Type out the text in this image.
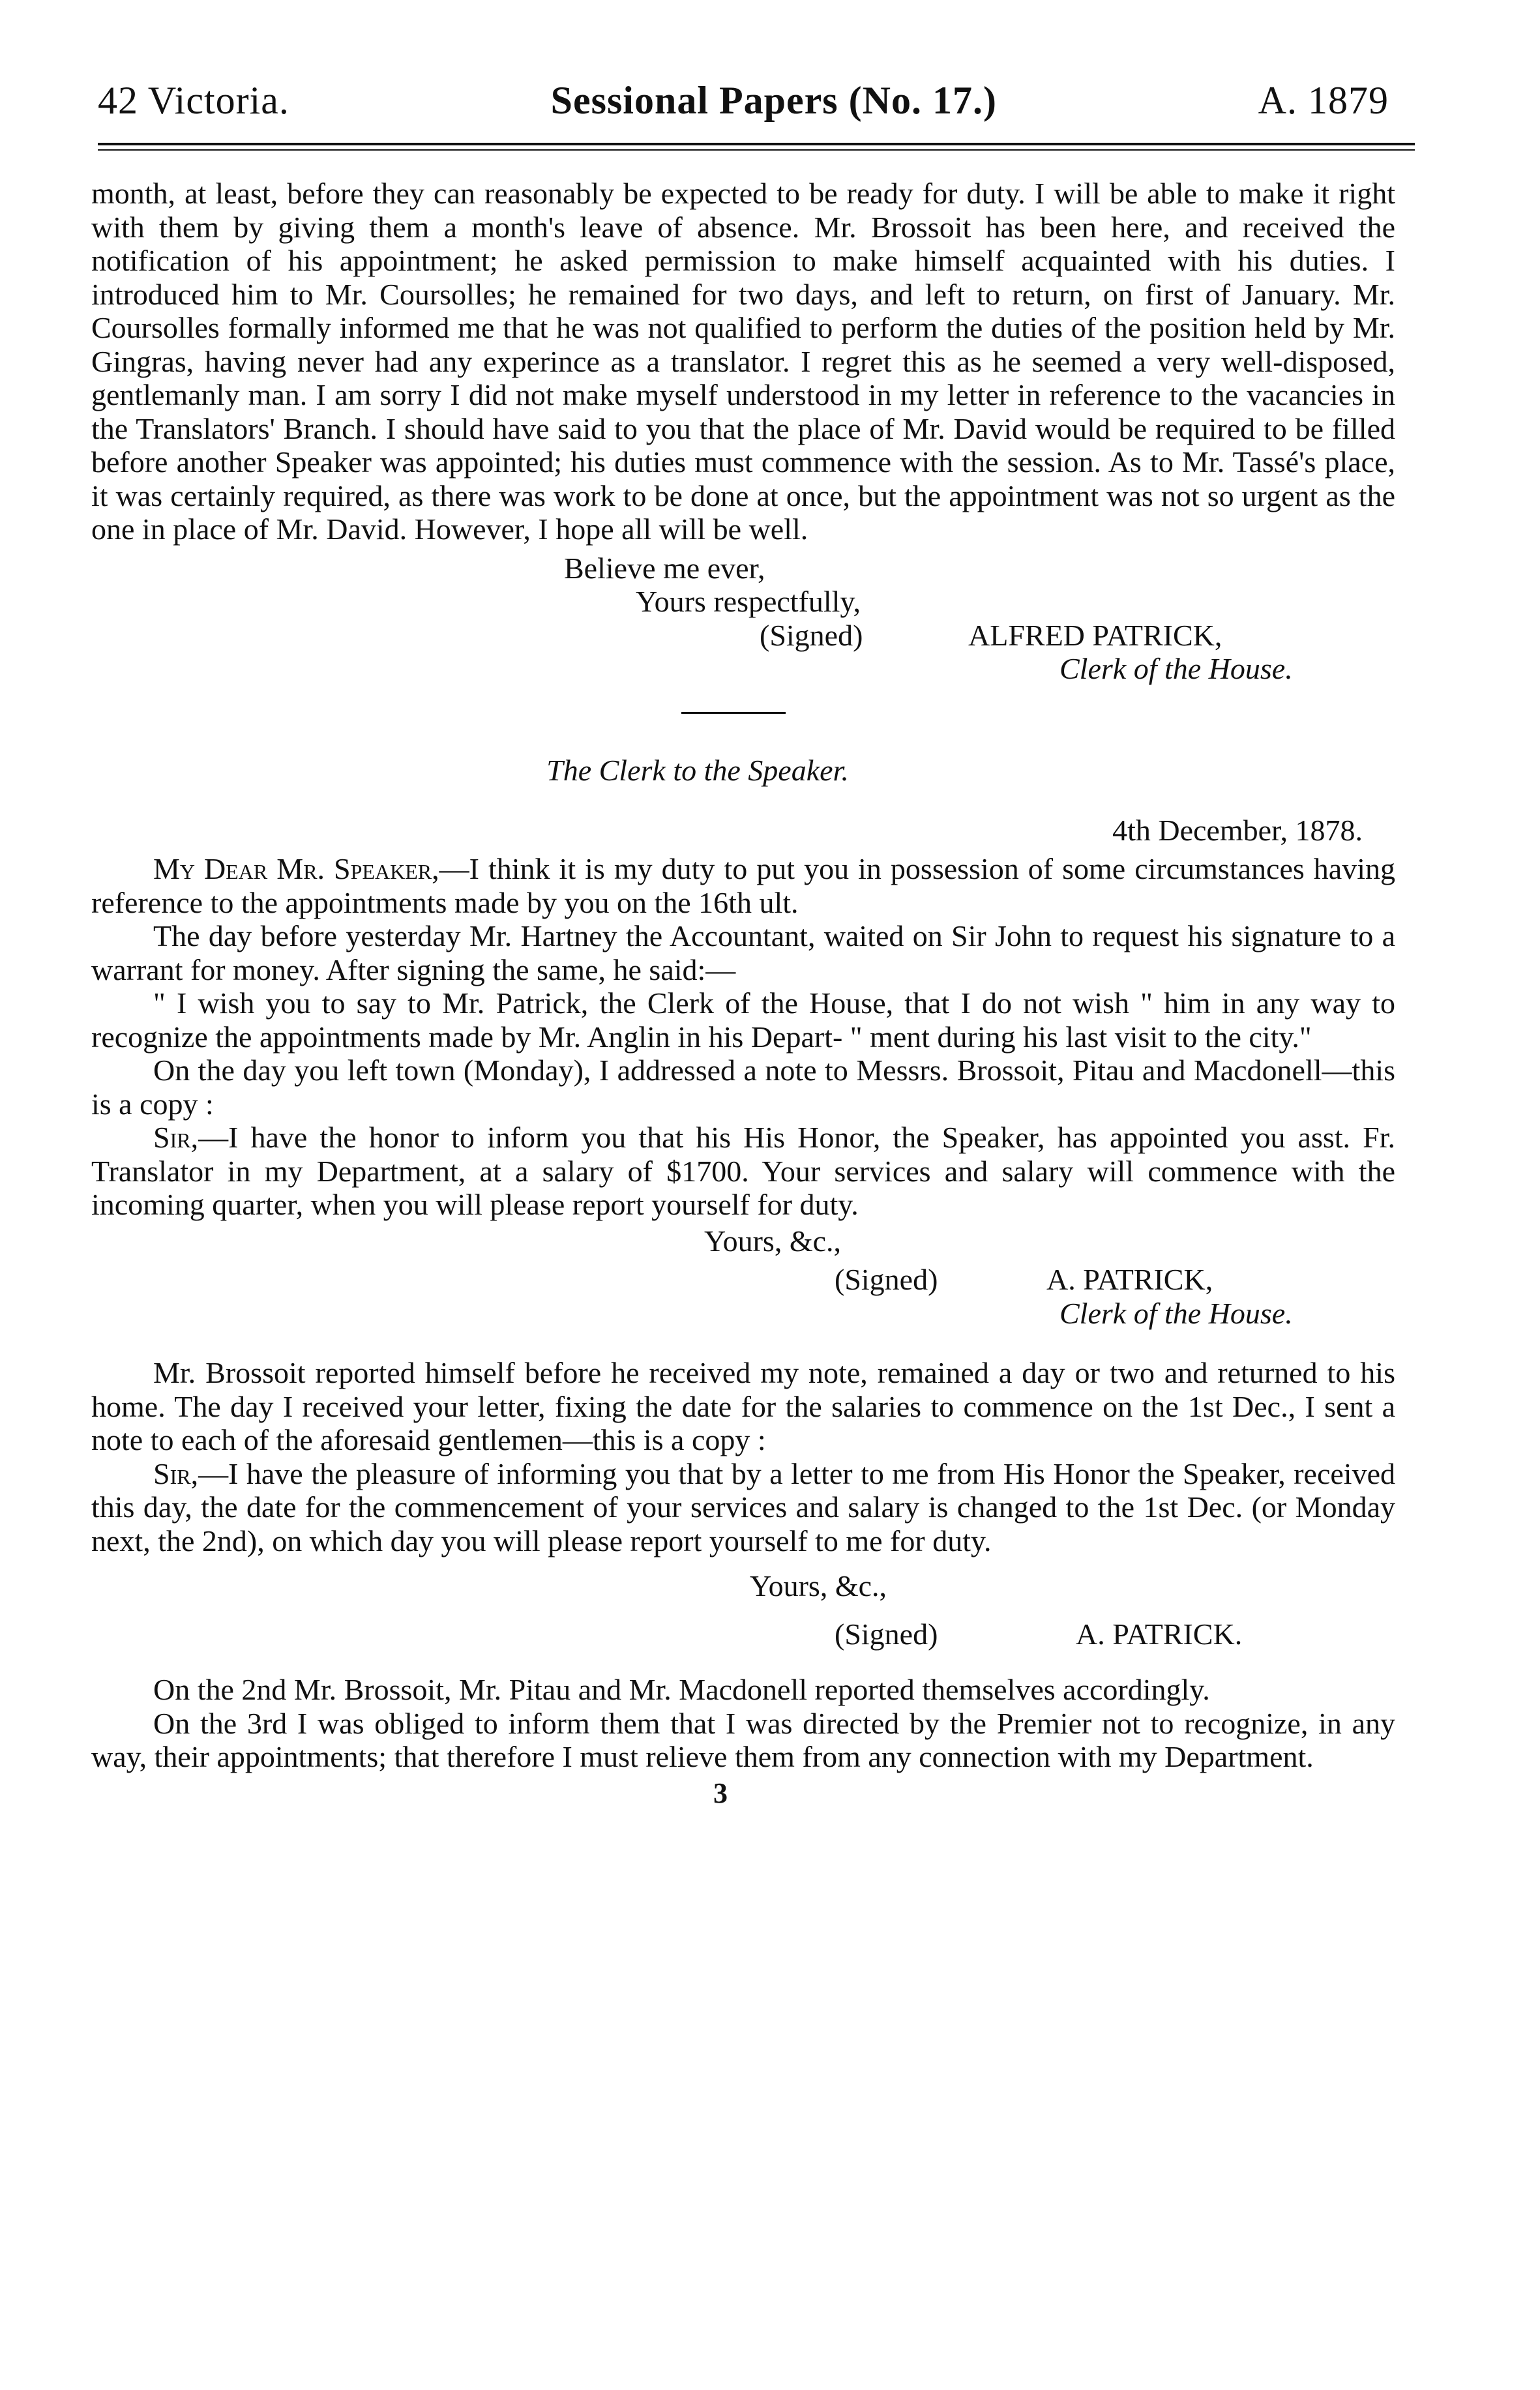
42 Victoria.	Sessional Papers (No. 17.)	A. 1879

month, at least, before they can reasonably be expected to be ready for duty. I will be able to make it right with them by giving them a month's leave of absence. Mr. Brossoit has been here, and received the notification of his appointment; he asked permission to make himself acquainted with his duties. I introduced him to Mr. Coursolles; he remained for two days, and left to return, on first of January. Mr. Coursolles formally informed me that he was not qualified to perform the duties of the position held by Mr. Gingras, having never had any experince as a translator. I regret this as he seemed a very well-disposed, gentlemanly man. I am sorry I did not make myself understood in my letter in reference to the vacancies in the Translators' Branch. I should have said to you that the place of Mr. David would be required to be filled before another Speaker was appointed; his duties must commence with the session. As to Mr. Tassé's place, it was certainly required, as there was work to be done at once, but the appointment was not so urgent as the one in place of Mr. David. However, I hope all will be well.

Believe me ever,
Yours respectfully,
(Signed)	ALFRED PATRICK,
Clerk of the House.
The Clerk to the Speaker.
4th December, 1878.

My Dear Mr. Speaker,—I think it is my duty to put you in possession of some circumstances having reference to the appointments made by you on the 16th ult.

The day before yesterday Mr. Hartney the Accountant, waited on Sir John to request his signature to a warrant for money. After signing the same, he said:—

" I wish you to say to Mr. Patrick, the Clerk of the House, that I do not wish " him in any way to recognize the appointments made by Mr. Anglin in his Depart- " ment during his last visit to the city."

On the day you left town (Monday), I addressed a note to Messrs. Brossoit, Pitau and Macdonell—this is a copy :

Sir,—I have the honor to inform you that his His Honor, the Speaker, has appointed you asst. Fr. Translator in my Department, at a salary of $1700. Your services and salary will commence with the incoming quarter, when you will please report yourself for duty.

Yours, &c.,
(Signed)	A. PATRICK,
Clerk of the House.

Mr. Brossoit reported himself before he received my note, remained a day or two and returned to his home. The day I received your letter, fixing the date for the salaries to commence on the 1st Dec., I sent a note to each of the aforesaid gentlemen—this is a copy :

Sir,—I have the pleasure of informing you that by a letter to me from His Honor the Speaker, received this day, the date for the commencement of your services and salary is changed to the 1st Dec. (or Monday next, the 2nd), on which day you will please report yourself to me for duty.

Yours, &c.,
(Signed)	A. PATRICK.

On the 2nd Mr. Brossoit, Mr. Pitau and Mr. Macdonell reported themselves accordingly.

On the 3rd I was obliged to inform them that I was directed by the Premier not to recognize, in any way, their appointments; that therefore I must relieve them from any connection with my Department.

3
